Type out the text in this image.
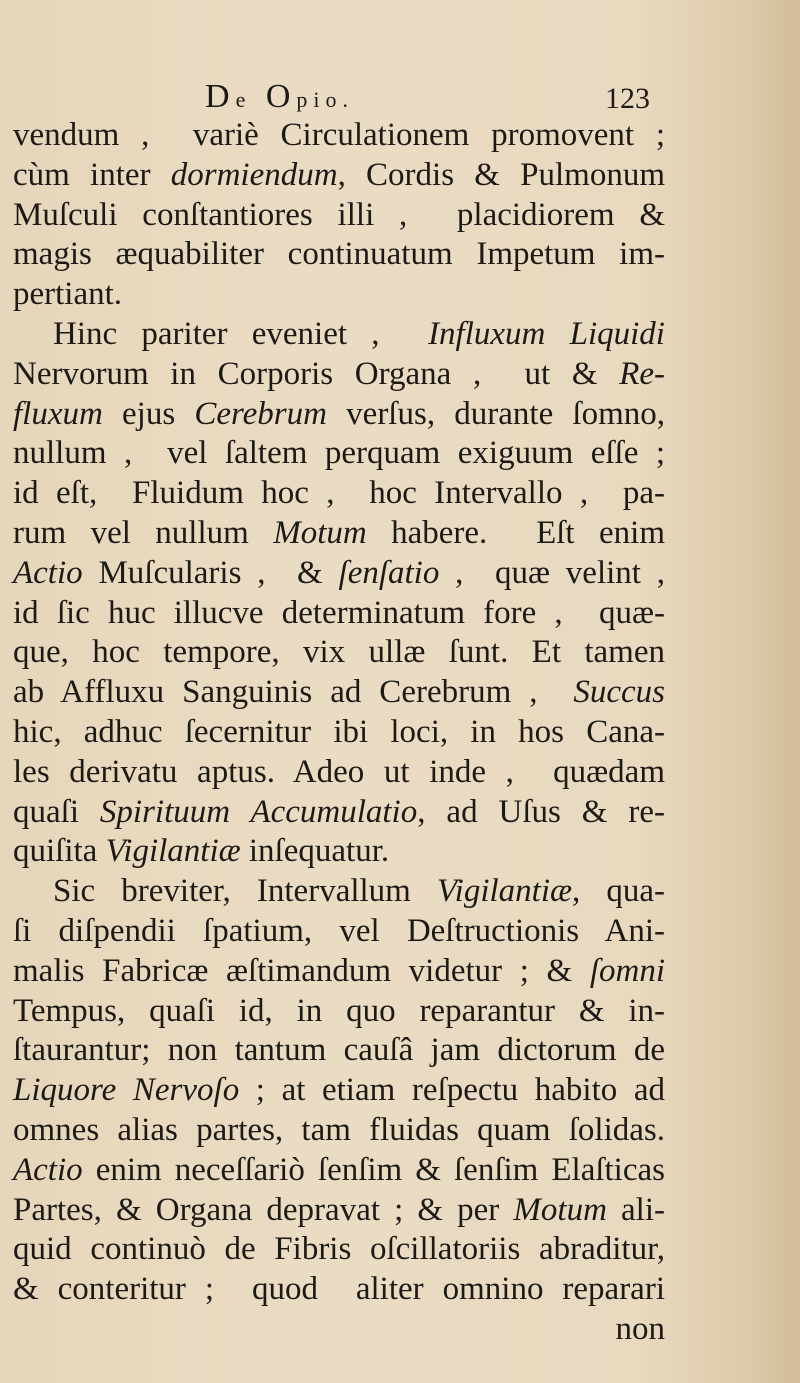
De Opio.	123
vendum ,  variè Circulationem promovent ;
cùm inter dormiendum, Cordis & Pulmonum
Muſculi conſtantiores illi ,  placidiorem &
magis æquabiliter continuatum Impetum im-
pertiant.
Hinc pariter eveniet ,  Influxum Liquidi
Nervorum in Corporis Organa ,  ut & Re-
fluxum ejus Cerebrum verſus, durante ſomno,
nullum ,  vel ſaltem perquam exiguum eſſe ;
id eſt,  Fluidum hoc ,  hoc Intervallo ,  pa-
rum vel nullum Motum habere.  Eſt enim
Actio Muſcularis ,  & ſenſatio ,  quæ velint ,
id ſic huc illucve determinatum fore ,  quæ-
que, hoc tempore, vix ullæ ſunt. Et tamen
ab Affluxu Sanguinis ad Cerebrum ,  Succus
hic, adhuc ſecernitur ibi loci, in hos Cana-
les derivatu aptus. Adeo ut inde ,  quædam
quaſi Spirituum Accumulatio, ad Uſus & re-
quiſita Vigilantiæ inſequatur.
Sic breviter, Intervallum Vigilantiæ, qua-
ſi diſpendii ſpatium, vel Deſtructionis Ani-
malis Fabricæ æſtimandum videtur ; & ſomni
Tempus, quaſi id, in quo reparantur & in-
ſtaurantur; non tantum cauſâ jam dictorum de
Liquore Nervoſo ; at etiam reſpectu habito ad
omnes alias partes, tam fluidas quam ſolidas.
Actio enim neceſſariò ſenſim & ſenſim Elaſticas
Partes, & Organa depravat ; & per Motum ali-
quid continuò de Fibris oſcillatoriis abraditur,
& conteritur ;  quod  aliter omnino reparari
non
